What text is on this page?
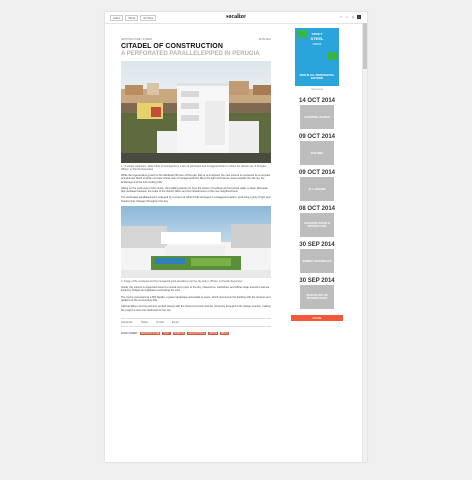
Index	Work	Archive	socalize	f	t	◎	⌕
ARCHITECTURE / STUDIO	19.09.2014
CITADEL OF CONSTRUCTION
A PERFORATED PARALLELEPIPED IN PERUGIA
1. "A simple volumetric, white Chan of Courtyards by a skin of perforated and hexagonal bricks to collect the historic city of Perugia" (Photo: Lo Pezzio Serpentre)
While the regenerative growth of the Medieval hill town of Perugia, Italy is re-imagined, the new volume is conceived as a compact and abstract block of white concrete whose skin of hexagonal bricks filters the light and frames views towards the old city, the landscape and the surrounding hills.
Sitting on the north-east of the centre, the building stands out from the cluster of rooftops and terracotta walls: a sharp silhouette that mediates between the scale of the historic fabric and the infrastructure of the new neighbourhood.
The perforated parallelepiped is wrapped by a screen of white bricks arranged in a staggered pattern, producing a play of light and shadow that changes throughout the day.
2. Image of the courtyard and the hexagonal brick elevation to let the city look in (Photo: Lo Pezzio Serpentre)
Inside, the volume is organised around a central court open to the sky; classrooms, workshops and offices wrap around it and are linked by bridges and galleries overlooking the void.
The roof is conceived as a fifth façade, a green landscape accessible to users, which reconnects the building with the terraces and gardens of the surrounding hills.
Cabinet Wilson and its partners worked closely with the local community and the University throughout the design process, making the project a new civic landmark for the city.
Facebook	Twitter	Tumblr	Email
FILED UNDER:	ARCHITECTURE	ITALY	PERUGIA	EDUCATIONAL	WHITE	BRICK
STRICT
STEEL
PRESS
NOW IN ALL PRINT/DIGITAL EDITIONS
Sponsored
14 OCT 2014
HAUNTING HOUSES
09 OCT 2014
BUILDING
09 OCT 2014
ALL ABOARD
08 OCT 2014
SHOOTING SPACE & DESTRUCTION
30 SEP 2014
BOMBAY BOTANICALS
30 SEP 2014
AN ECOLOGY OF TECHNOLOGIES
MORE
